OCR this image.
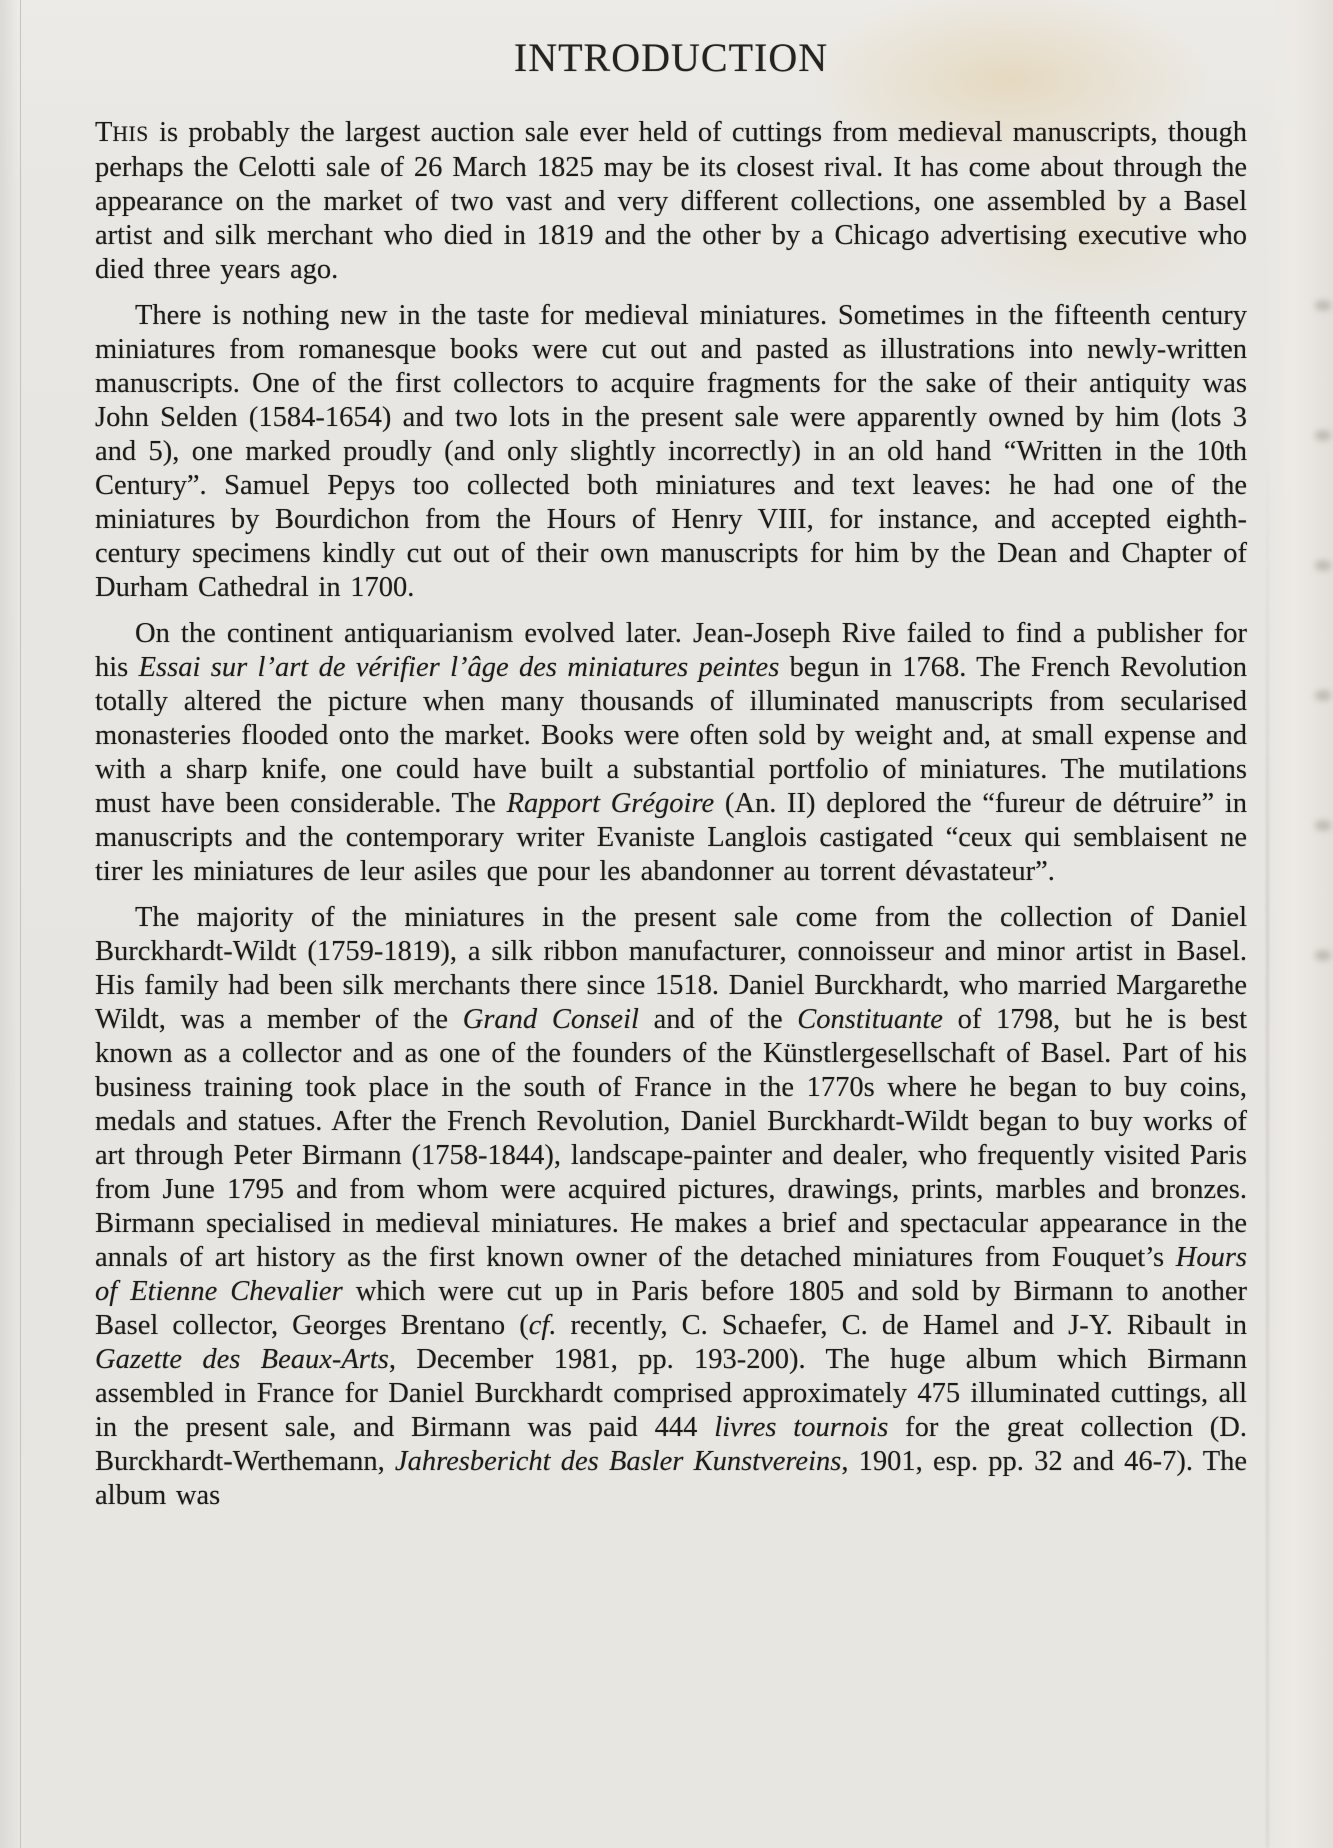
INTRODUCTION

THIS is probably the largest auction sale ever held of cuttings from medieval manuscripts, though perhaps the Celotti sale of 26 March 1825 may be its closest rival. It has come about through the appearance on the market of two vast and very different collections, one assembled by a Basel artist and silk merchant who died in 1819 and the other by a Chicago advertising executive who died three years ago.

There is nothing new in the taste for medieval miniatures. Sometimes in the fifteenth century miniatures from romanesque books were cut out and pasted as illustrations into newly-written manuscripts. One of the first collectors to acquire fragments for the sake of their antiquity was John Selden (1584-1654) and two lots in the present sale were apparently owned by him (lots 3 and 5), one marked proudly (and only slightly incorrectly) in an old hand “Written in the 10th Century”. Samuel Pepys too collected both miniatures and text leaves: he had one of the miniatures by Bourdichon from the Hours of Henry VIII, for instance, and accepted eighth-century specimens kindly cut out of their own manuscripts for him by the Dean and Chapter of Durham Cathedral in 1700.

On the continent antiquarianism evolved later. Jean-Joseph Rive failed to find a publisher for his Essai sur l’art de vérifier l’âge des miniatures peintes begun in 1768. The French Revolution totally altered the picture when many thousands of illuminated manuscripts from secularised monasteries flooded onto the market. Books were often sold by weight and, at small expense and with a sharp knife, one could have built a substantial portfolio of miniatures. The mutilations must have been considerable. The Rapport Grégoire (An. II) deplored the “fureur de détruire” in manuscripts and the contemporary writer Evaniste Langlois castigated “ceux qui semblaisent ne tirer les miniatures de leur asiles que pour les abandonner au torrent dévastateur”.

The majority of the miniatures in the present sale come from the collection of Daniel Burckhardt-Wildt (1759-1819), a silk ribbon manufacturer, connoisseur and minor artist in Basel. His family had been silk merchants there since 1518. Daniel Burckhardt, who married Margarethe Wildt, was a member of the Grand Conseil and of the Constituante of 1798, but he is best known as a collector and as one of the founders of the Künstlergesellschaft of Basel. Part of his business training took place in the south of France in the 1770s where he began to buy coins, medals and statues. After the French Revolution, Daniel Burckhardt-Wildt began to buy works of art through Peter Birmann (1758-1844), landscape-painter and dealer, who frequently visited Paris from June 1795 and from whom were acquired pictures, drawings, prints, marbles and bronzes. Birmann specialised in medieval miniatures. He makes a brief and spectacular appearance in the annals of art history as the first known owner of the detached miniatures from Fouquet’s Hours of Etienne Chevalier which were cut up in Paris before 1805 and sold by Birmann to another Basel collector, Georges Brentano (cf. recently, C. Schaefer, C. de Hamel and J-Y. Ribault in Gazette des Beaux-Arts, December 1981, pp. 193-200). The huge album which Birmann assembled in France for Daniel Burckhardt comprised approximately 475 illuminated cuttings, all in the present sale, and Birmann was paid 444 livres tournois for the great collection (D. Burckhardt-Werthemann, Jahresbericht des Basler Kunstvereins, 1901, esp. pp. 32 and 46-7). The album was
